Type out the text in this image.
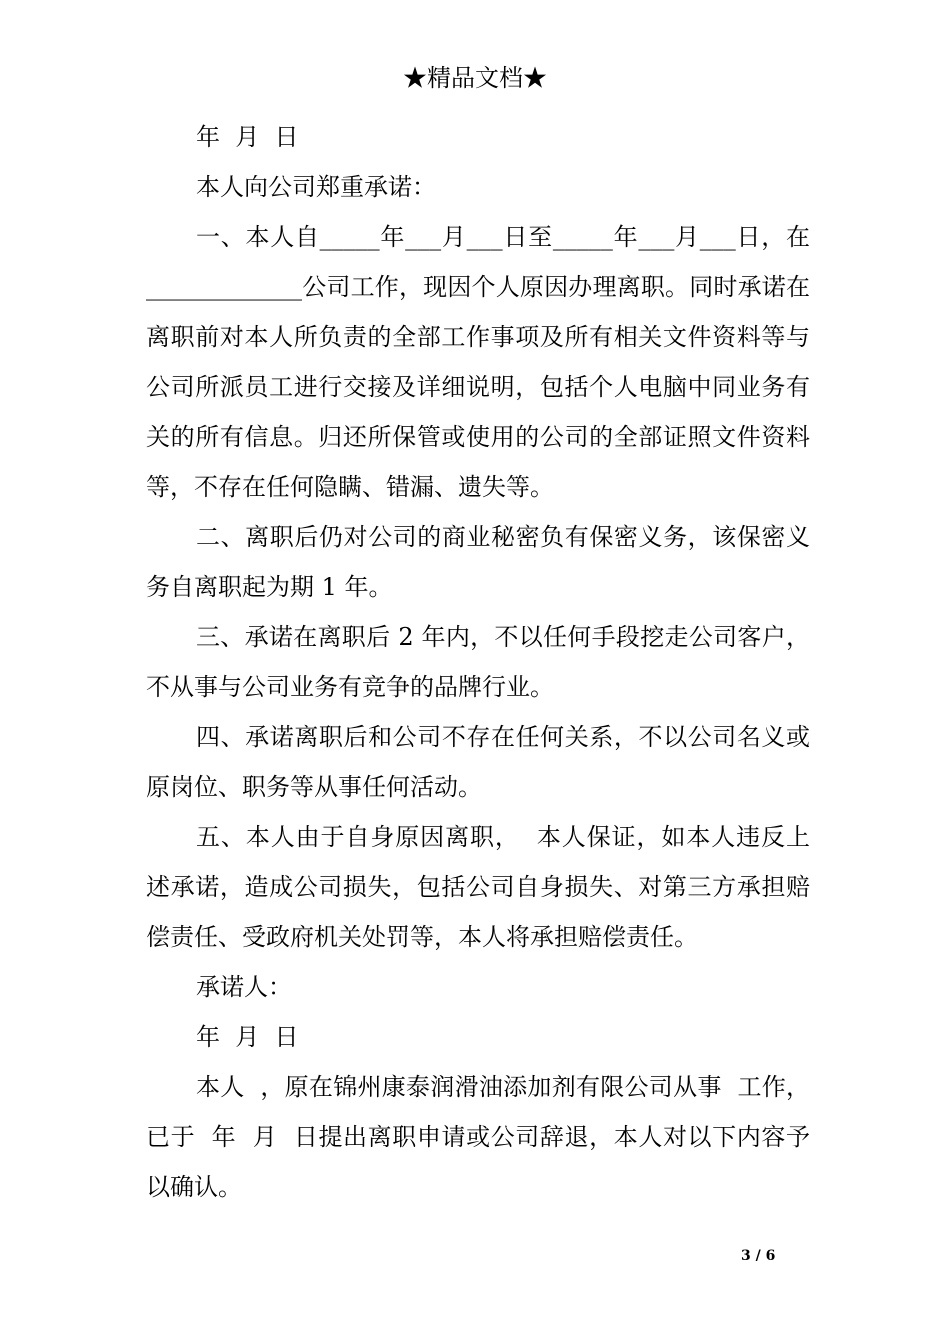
★精品文档★

年  月  日

本人向公司郑重承诺：

一、本人自_____年___月___日至_____年___月___日，在_____________公司工作，现因个人原因办理离职。同时承诺在离职前对本人所负责的全部工作事项及所有相关文件资料等与公司所派员工进行交接及详细说明，包括个人电脑中同业务有关的所有信息。归还所保管或使用的公司的全部证照文件资料等，不存在任何隐瞒、错漏、遗失等。

二、离职后仍对公司的商业秘密负有保密义务，该保密义务自离职起为期 1 年。

三、承诺在离职后 2 年内，不以任何手段挖走公司客户，不从事与公司业务有竞争的品牌行业。

四、承诺离职后和公司不存在任何关系，不以公司名义或原岗位、职务等从事任何活动。

五、本人由于自身原因离职，  本人保证，如本人违反上述承诺，造成公司损失，包括公司自身损失、对第三方承担赔偿责任、受政府机关处罚等，本人将承担赔偿责任。

承诺人：

年  月  日

本人  ，原在锦州康泰润滑油添加剂有限公司从事  工作，已于  年  月  日提出离职申请或公司辞退，本人对以下内容予以确认。

3 / 6
